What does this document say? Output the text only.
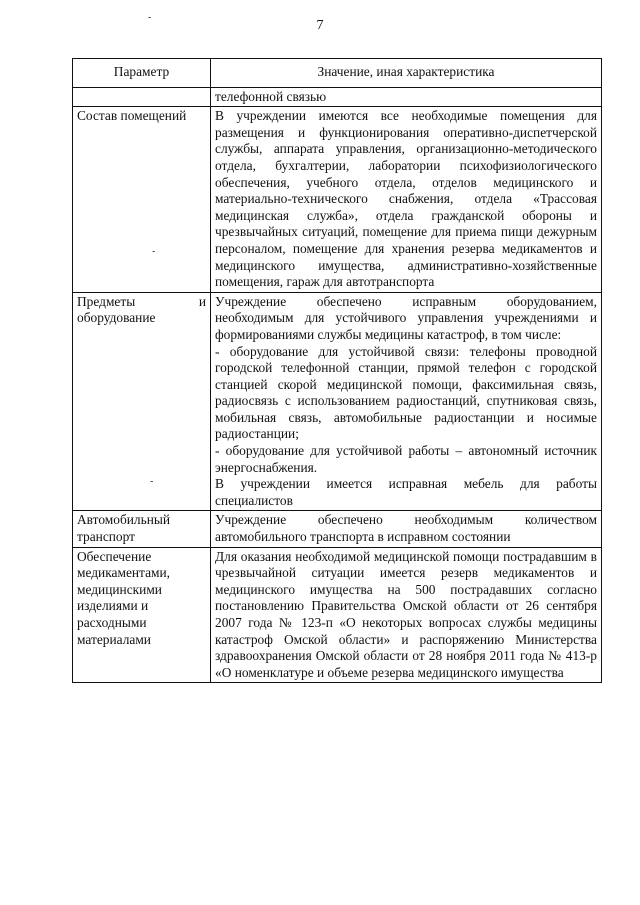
7
-
-
-
Параметр	Значение, иная характеристика
	телефонной связью
Состав помещений	В учреждении имеются все необходимые помещения для размещения и функционирования оперативно-диспетчерской службы, аппарата управления, организационно-методического отдела, бухгалтерии, лаборатории психофизиологического обеспечения, учебного отдела, отделов медицинского и материально-технического снабжения, отдела «Трассовая медицинская служба», отдела гражданской обороны и чрезвычайных ситуаций, помещение для приема пищи дежурным персоналом, помещение для хранения резерва медикаментов и медицинского имущества, административно-хозяйственные помещения, гараж для автотранспорта
Предметы и оборудование	Учреждение обеспечено исправным оборудованием, необходимым для устойчивого управления учреждениями и формированиями службы медицины катастроф, в том числе:
- оборудование для устойчивой связи: телефоны проводной городской телефонной станции, прямой телефон с городской станцией скорой медицинской помощи, факсимильная связь, радиосвязь с использованием радиостанций, спутниковая связь, мобильная связь, автомобильные радиостанции и носимые радиостанции;
- оборудование для устойчивой работы – автономный источник энергоснабжения.
В учреждении имеется исправная мебель для работы специалистов

Автомобильный транспорт	Учреждение обеспечено необходимым количеством автомобильного транспорта в исправном состоянии
Обеспечение медикаментами, медицинскими изделиями и расходными материалами	Для оказания необходимой медицинской помощи пострадавшим в чрезвычайной ситуации имеется резерв медикаментов и медицинского имущества на 500 пострадавших согласно постановлению Правительства Омской области от 26 сентября 2007 года № 123-п «О некоторых вопросах службы медицины катастроф Омской области» и распоряжению Министерства здравоохранения Омской области от 28 ноября 2011 года № 413-р «О номенклатуре и объеме резерва медицинского имущества
